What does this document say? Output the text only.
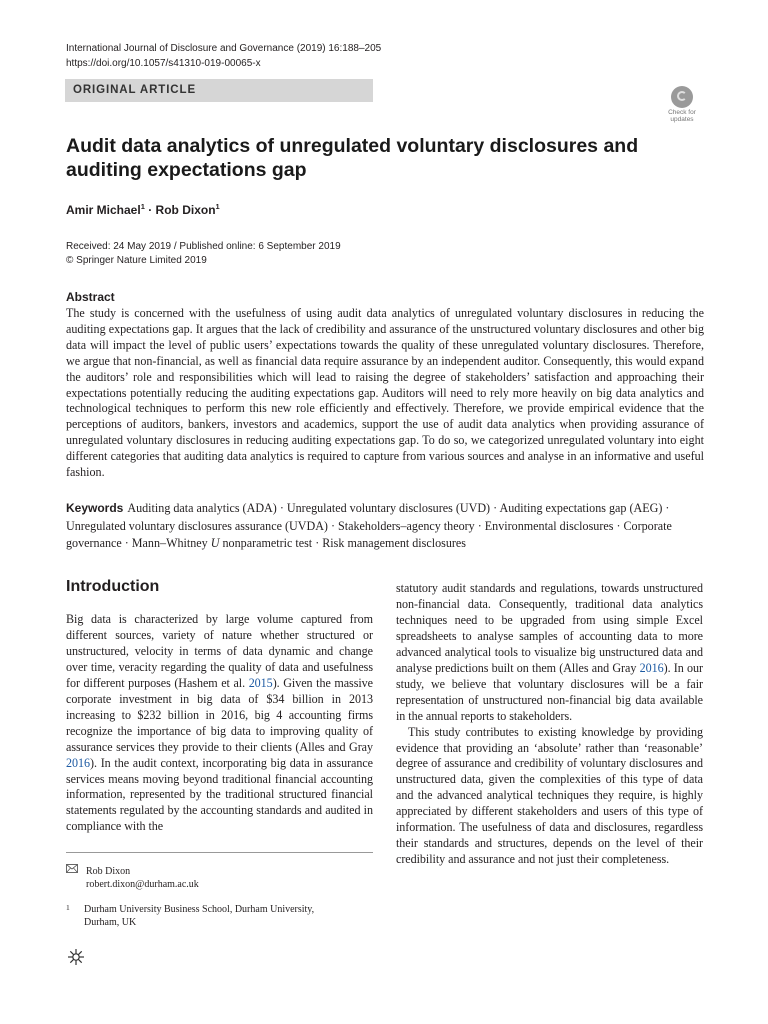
International Journal of Disclosure and Governance (2019) 16:188–205
https://doi.org/10.1057/s41310-019-00065-x
ORIGINAL ARTICLE
Check for
updates
Audit data analytics of unregulated voluntary disclosures and auditing expectations gap
Amir Michael$^1$ · Rob Dixon$^1$
Received: 24 May 2019 / Published online: 6 September 2019
© Springer Nature Limited 2019
Abstract
The study is concerned with the usefulness of using audit data analytics of unregulated voluntary disclosures in reducing the auditing expectations gap. It argues that the lack of credibility and assurance of the unstructured voluntary disclosures and other big data will impact the level of public users’ expectations towards the quality of these unregulated voluntary disclosures. Therefore, we argue that non-financial, as well as financial data require assurance by an independent auditor. Consequently, this would expand the auditors’ role and responsibilities which will lead to raising the degree of stakeholders’ satisfaction and approaching their expectations potentially reducing the auditing expectations gap. Auditors will need to rely more heavily on big data analytics and technological techniques to perform this new role efficiently and effectively. Therefore, we provide empirical evidence that the perceptions of auditors, bankers, investors and academics, support the use of audit data analytics when providing assurance of unregulated voluntary disclosures in reducing auditing expectations gap. To do so, we categorized unregulated voluntary into eight different categories that auditing data analytics is required to capture from various sources and analyse in an informative and useful fashion.
Keywords Auditing data analytics (ADA) · Unregulated voluntary disclosures (UVD) · Auditing expectations gap (AEG) · Unregulated voluntary disclosures assurance (UVDA) · Stakeholders–agency theory · Environmental disclosures · Corporate governance · Mann–Whitney U nonparametric test · Risk management disclosures
Introduction

Big data is characterized by large volume captured from different sources, variety of nature whether structured or unstructured, velocity in terms of data dynamic and change over time, veracity regarding the quality of data and usefulness for different purposes (Hashem et al. 2015). Given the massive corporate investment in big data of $34 billion in 2013 increasing to $232 billion in 2016, big 4 accounting firms recognize the importance of big data to improving quality of assurance services they provide to their clients (Alles and Gray 2016). In the audit context, incorporating big data in assurance services means moving beyond traditional financial accounting information, represented by the traditional structured financial statements regulated by the accounting standards and audited in compliance with the

statutory audit standards and regulations, towards unstructured non-financial data. Consequently, traditional data analytics techniques need to be upgraded from using simple Excel spreadsheets to analyse samples of accounting data to more advanced analytical tools to visualize big unstructured data and analyse predictions built on them (Alles and Gray 2016). In our study, we believe that voluntary disclosures will be a fair representation of unstructured non-financial big data available in the annual reports to stakeholders.

This study contributes to existing knowledge by providing evidence that providing an ‘absolute’ rather than ‘reasonable’ degree of assurance and credibility of voluntary disclosures and unstructured data, given the complexities of this type of data and the advanced analytical techniques they require, is highly appreciated by different stakeholders and users of this type of information. The usefulness of data and disclosures, regardless their standards and structures, depends on the level of their credibility and assurance and not just their completeness.

Rob Dixon
robert.dixon@durham.ac.uk
1 Durham University Business School, Durham University,
Durham, UK
